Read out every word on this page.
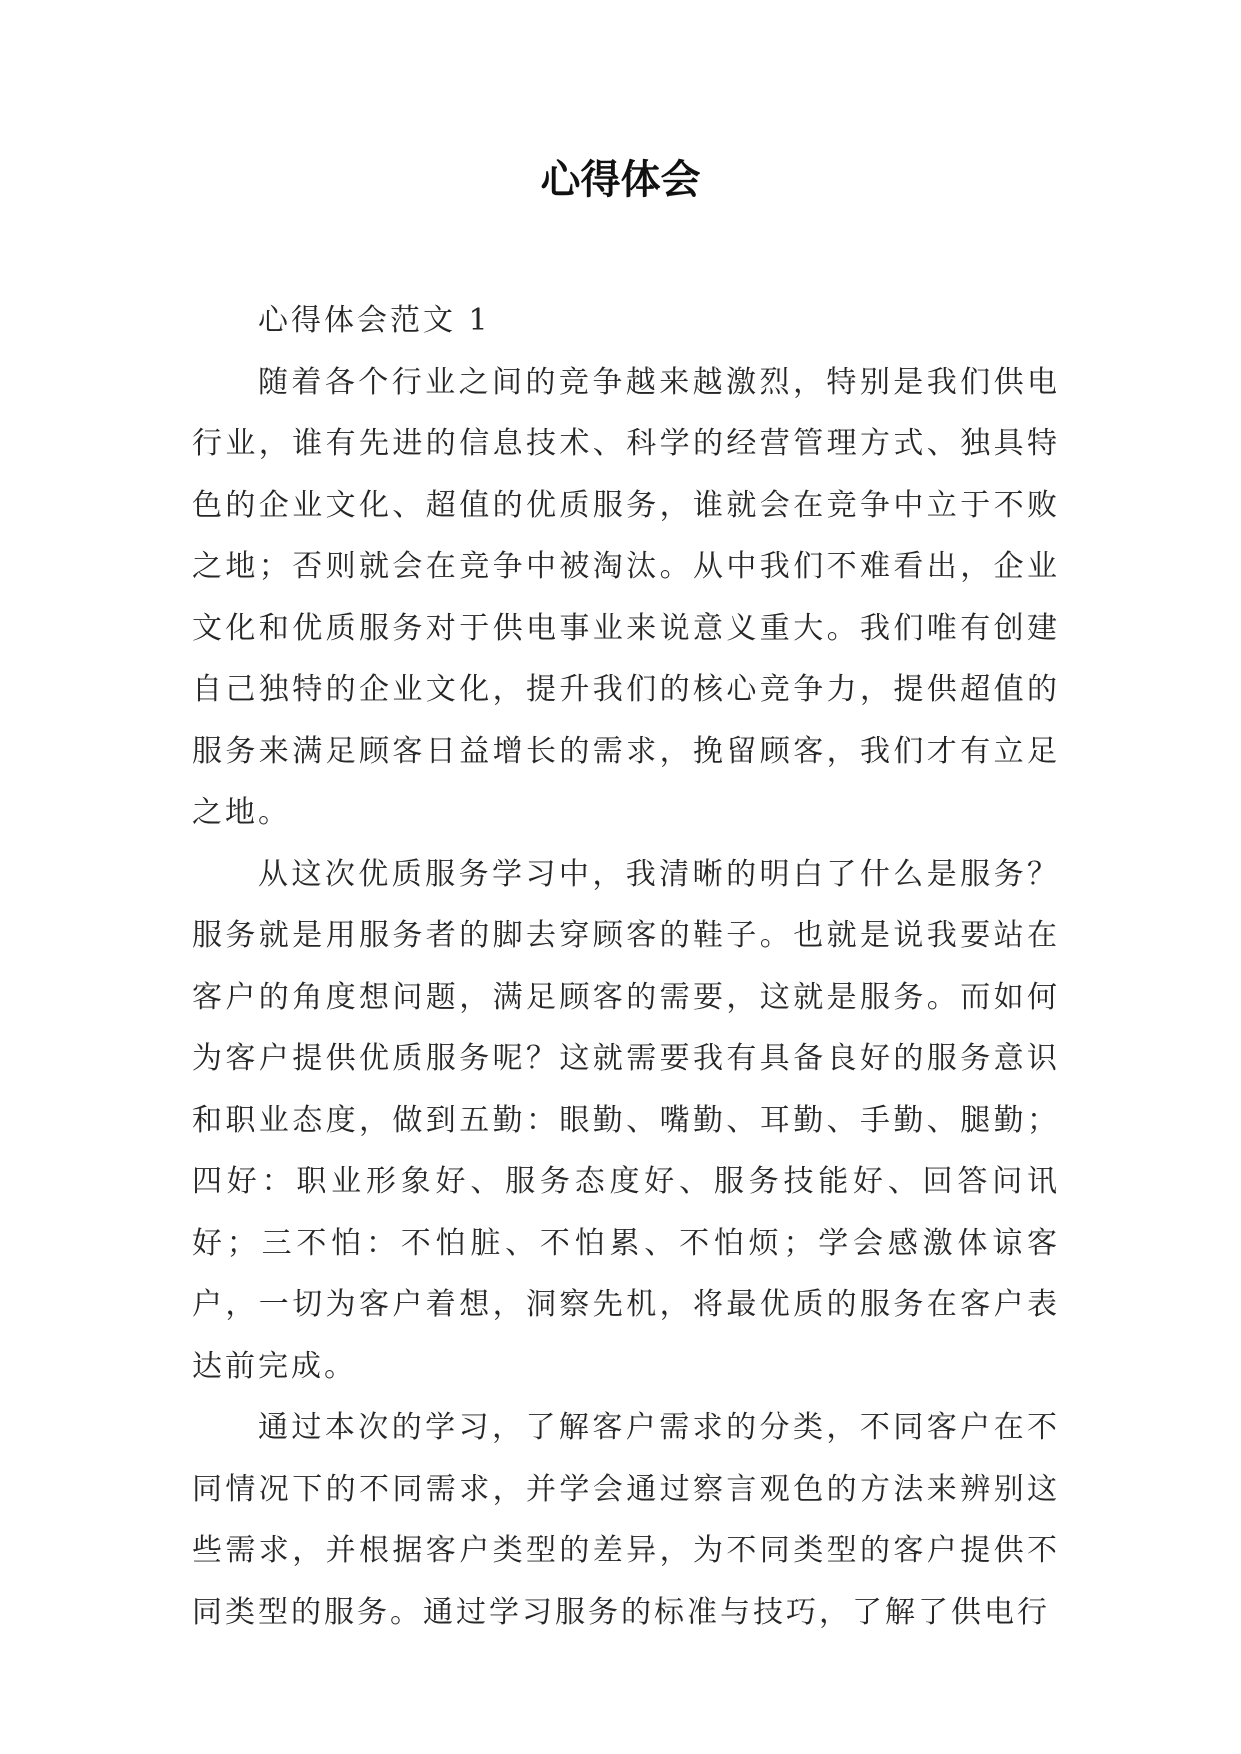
心得体会

心得体会范文 1

随着各个行业之间的竞争越来越激烈，特别是我们供电行业，谁有先进的信息技术、科学的经营管理方式、独具特色的企业文化、超值的优质服务，谁就会在竞争中立于不败之地；否则就会在竞争中被淘汰。从中我们不难看出，企业文化和优质服务对于供电事业来说意义重大。我们唯有创建自己独特的企业文化，提升我们的核心竞争力，提供超值的服务来满足顾客日益增长的需求，挽留顾客，我们才有立足之地。

从这次优质服务学习中，我清晰的明白了什么是服务？服务就是用服务者的脚去穿顾客的鞋子。也就是说我要站在客户的角度想问题，满足顾客的需要，这就是服务。而如何为客户提供优质服务呢？这就需要我有具备良好的服务意识和职业态度，做到五勤：眼勤、嘴勤、耳勤、手勤、腿勤；四好：职业形象好、服务态度好、服务技能好、回答问讯好；三不怕：不怕脏、不怕累、不怕烦；学会感激体谅客户，一切为客户着想，洞察先机，将最优质的服务在客户表达前完成。

通过本次的学习，了解客户需求的分类，不同客户在不同情况下的不同需求，并学会通过察言观色的方法来辨别这些需求，并根据客户类型的差异，为不同类型的客户提供不同类型的服务。通过学习服务的标准与技巧，了解了供电行
